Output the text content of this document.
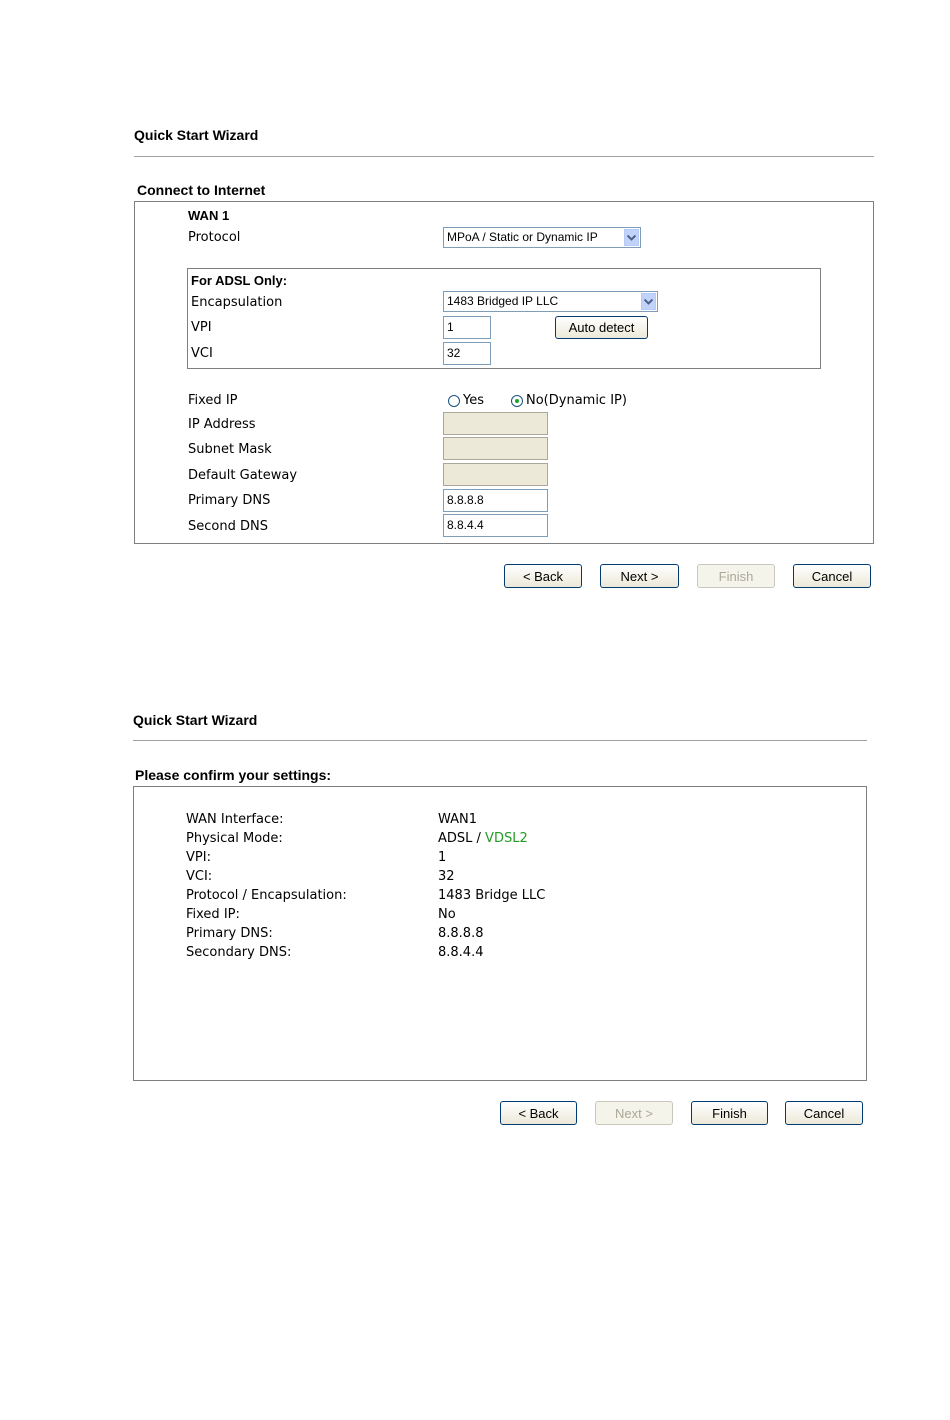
Quick Start Wizard
Connect to Internet
WAN 1
Protocol	MPoA / Static or Dynamic IP
For ADSL Only:
Encapsulation	1483 Bridged IP LLC
VPI	1	Auto detect
VCI	32
Fixed IP	Yes	No(Dynamic IP)
IP Address
Subnet Mask
Default Gateway
Primary DNS	8.8.8.8
Second DNS	8.8.4.4
< Back	Next >	Finish	Cancel
Quick Start Wizard
Please confirm your settings:
WAN Interface:	WAN1
Physical Mode:	ADSL / VDSL2
VPI:	1
VCI:	32
Protocol / Encapsulation:	1483 Bridge LLC
Fixed IP:	No
Primary DNS:	8.8.8.8
Secondary DNS:	8.8.4.4
< Back	Next >	Finish	Cancel
